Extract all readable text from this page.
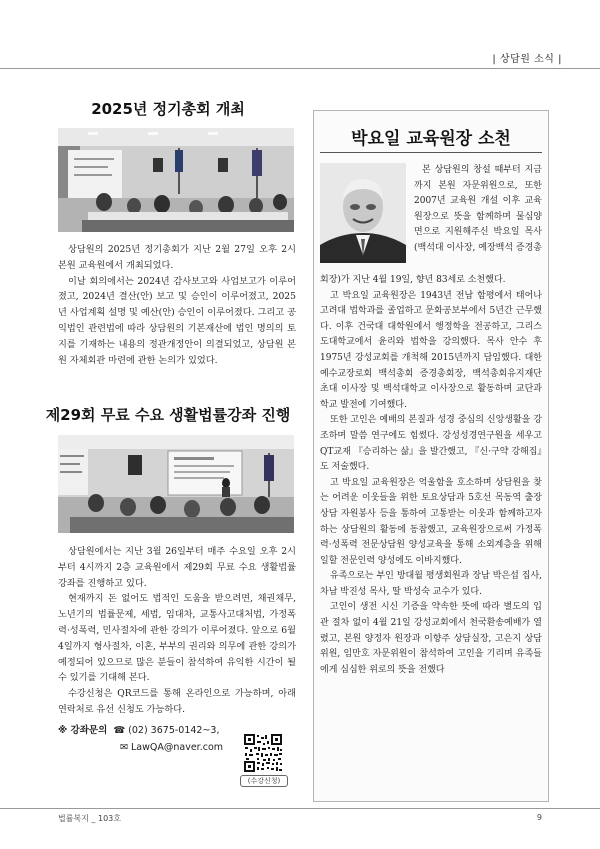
| 상담원 소식 |
2025년 정기총회 개최

상담원의 2025년 정기총회가 지난 2월 27일 오후 2시 본원 교육원에서 개최되었다.

이날 회의에서는 2024년 감사보고와 사업보고가 이루어졌고, 2024년 결산(안) 보고 및 승인이 이루어졌고, 2025년 사업계획 설명 및 예산(안) 승인이 이루어졌다. 그리고 공익법인 관련법에 따라 상담원의 기본재산에 법인 명의의 토지를 기재하는 내용의 정관개정안이 의결되었고, 상담원 본원 자체회관 마련에 관한 논의가 있었다.

제29회 무료 수요 생활법률강좌 진행

상담원에서는 지난 3월 26일부터 매주 수요일 오후 2시부터 4시까지 2층 교육원에서 제29회 무료 수요 생활법률강좌를 진행하고 있다.

현재까지 돈 없어도 법적인 도움을 받으려면, 채권채무, 노년기의 법률문제, 세법, 임대차, 교통사고대처법, 가정폭력·성폭력, 민사절차에 관한 강의가 이루어졌다. 앞으로 6월 4일까지 형사절차, 이혼, 부부의 권리와 의무에 관한 강의가 예정되어 있으므로 많은 분들이 참석하여 유익한 시간이 될 수 있기를 기대해 본다.

수강신청은 QR코드를 통해 온라인으로 가능하며, 아래 연락처로 유선 신청도 가능하다.

※ 강좌문의 ☎ (02) 3675-0142~3,
✉ LawQA@naver.com
(수강신청)
박요일 교육원장 소천

본 상담원의 창설 때부터 지금까지 본원 자문위원으로, 또한 2007년 교육원 개설 이후 교육원장으로 뜻을 함께하며 물심양면으로 지원해주신 박요일 목사(백석대 이사장, 예장백석 증경총

회장)가 지난 4월 19일, 향년 83세로 소천했다.

고 박요일 교육원장은 1943년 전남 함평에서 태어나 고려대 법학과를 졸업하고 문화공보부에서 5년간 근무했다. 이후 건국대 대학원에서 행정학을 전공하고, 그리스도대학교에서 윤리와 법학을 강의했다. 목사 안수 후 1975년 강성교회를 개척해 2015년까지 담임했다. 대한예수교장로회 백석총회 증경총회장, 백석총회유지재단 초대 이사장 및 백석대학교 이사장으로 활동하며 교단과 학교 발전에 기여했다.

또한 고인은 예배의 본질과 성경 중심의 신앙생활을 강조하며 말씀 연구에도 힘썼다. 강성성경연구원을 세우고 QT교재 『승리하는 삶』을 발간했고, 『신·구약 강해집』도 저술했다.

고 박요일 교육원장은 억울함을 호소하며 상담원을 찾는 어려운 이웃들을 위한 토요상담과 5호선 목동역 출장상담 자원봉사 등을 통하여 고통받는 이웃과 함께하고자 하는 상담원의 활동에 동참했고, 교육원장으로써 가정폭력·성폭력 전문상담원 양성교육을 통해 소외계층을 위해 일할 전문인력 양성에도 이바지했다.

유족으로는 부인 방대월 평생회원과 장남 박은섭 집사, 차남 박진성 목사, 딸 박성숙 교수가 있다.

고인이 생전 시신 기증을 약속한 뜻에 따라 별도의 입관 절차 없이 4월 21일 강성교회에서 천국환송예배가 열렸고, 본원 양정자 원장과 이향주 상담실장, 고은지 상담위원, 임만호 자문위원이 참석하여 고인을 기리며 유족들에게 심심한 위로의 뜻을 전했다

법률복지 _ 103호	9
